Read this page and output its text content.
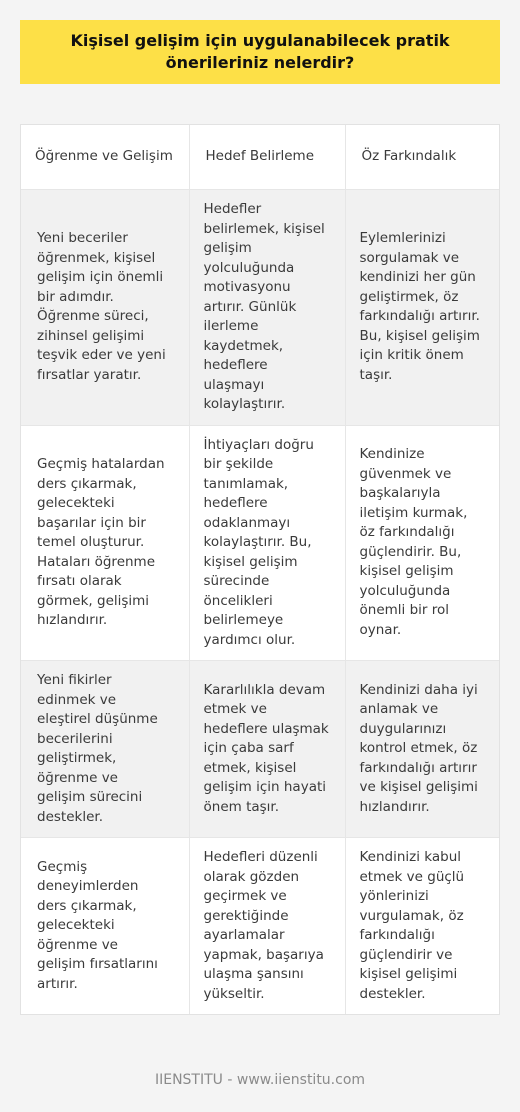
Kişisel gelişim için uygulanabilecek pratik önerileriniz nelerdir?
Öğrenme ve Gelişim	Hedef Belirleme	Öz Farkındalık
Yeni beceriler öğrenmek, kişisel gelişim için önemli bir adımdır. Öğrenme süreci, zihinsel gelişimi teşvik eder ve yeni fırsatlar yaratır.	Hedefler belirlemek, kişisel gelişim yolculuğunda motivasyonu artırır. Günlük ilerleme kaydetmek, hedeflere ulaşmayı kolaylaştırır.	Eylemlerinizi sorgulamak ve kendinizi her gün geliştirmek, öz farkındalığı artırır. Bu, kişisel gelişim için kritik önem taşır.
Geçmiş hatalardan ders çıkarmak, gelecekteki başarılar için bir temel oluşturur. Hataları öğrenme fırsatı olarak görmek, gelişimi hızlandırır.	İhtiyaçları doğru bir şekilde tanımlamak, hedeflere odaklanmayı kolaylaştırır. Bu, kişisel gelişim sürecinde öncelikleri belirlemeye yardımcı olur.	Kendinize güvenmek ve başkalarıyla iletişim kurmak, öz farkındalığı güçlendirir. Bu, kişisel gelişim yolculuğunda önemli bir rol oynar.
Yeni fikirler edinmek ve eleştirel düşünme becerilerini geliştirmek, öğrenme ve gelişim sürecini destekler.	Kararlılıkla devam etmek ve hedeflere ulaşmak için çaba sarf etmek, kişisel gelişim için hayati önem taşır.	Kendinizi daha iyi anlamak ve duygularınızı kontrol etmek, öz farkındalığı artırır ve kişisel gelişimi hızlandırır.
Geçmiş deneyimlerden ders çıkarmak, gelecekteki öğrenme ve gelişim fırsatlarını artırır.	Hedefleri düzenli olarak gözden geçirmek ve gerektiğinde ayarlamalar yapmak, başarıya ulaşma şansını yükseltir.	Kendinizi kabul etmek ve güçlü yönlerinizi vurgulamak, öz farkındalığı güçlendirir ve kişisel gelişimi destekler.
IIENSTITU - www.iienstitu.com
